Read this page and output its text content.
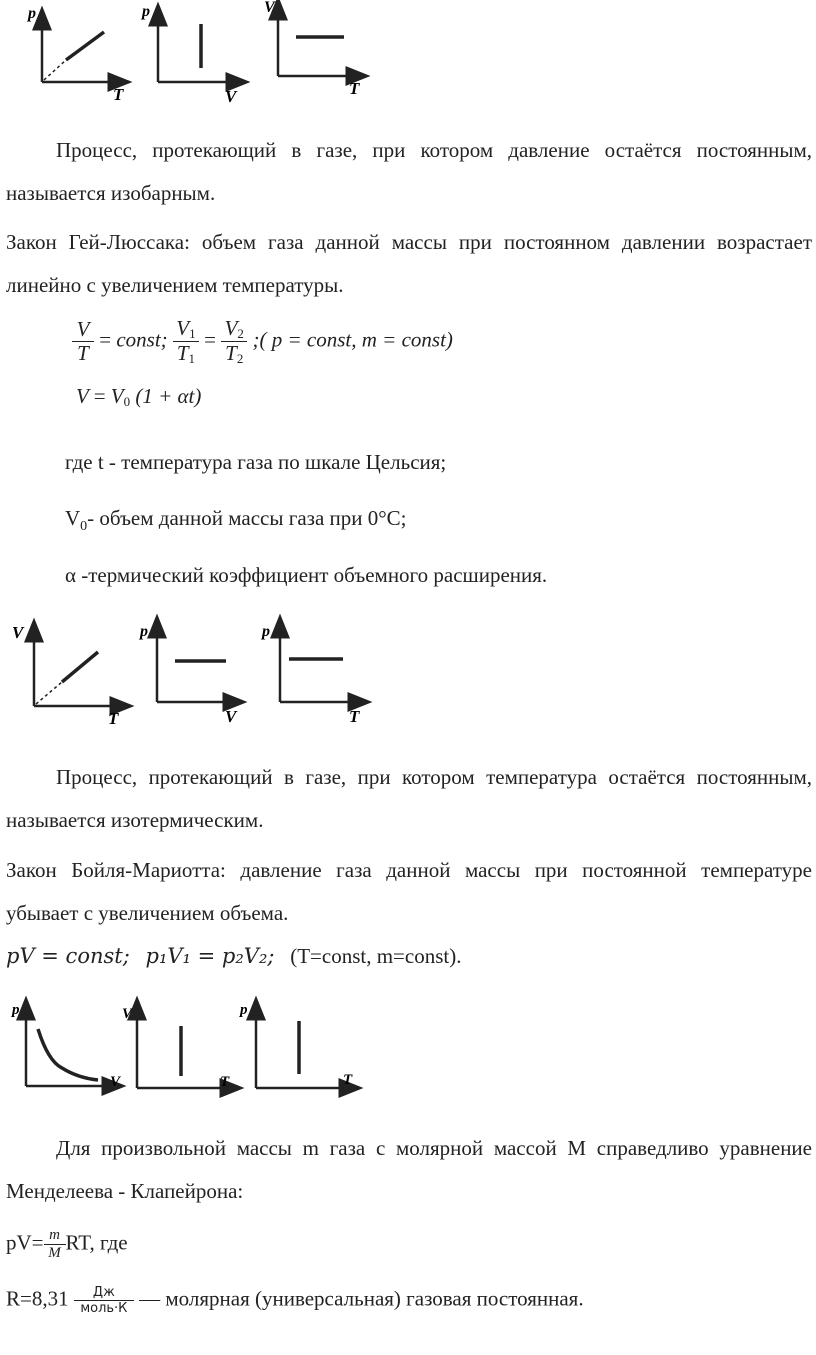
p
T
p
V
V
T

Процесс, протекающий в газе, при котором давление остаётся постоянным, называется изобарным.

Закон Гей-Люссака: объем газа данной массы при постоянном давлении возрастает линейно с увеличением температуры.

$\frac{V}{T}$ = const; $\frac{V_1}{T_1} = \frac{V_2}{T_2}$ ;( p = const, m = const)
$V = V_0$ (1 + αt)

где t - температура газа по шкале Цельсия;

$V_0-$ объем данной массы газа при 0°С;

α -термический коэффициент объемного расширения.

V
T
p
V
p
T

Процесс, протекающий в газе, при котором температура остаётся постоянным, называется изотермическим.

Закон Бойля-Мариотта: давление газа данной массы при постоянной температуре убывает с увеличением объема.

pV = const; p₁V₁ = p₂V₂; (T=const, m=const).
p
V
V
T
p
T

Для произвольной массы m газа с молярной массой M справедливо уравнение Менделеева - Клапейрона:

$pV= \frac{m}{M}$ RT, где
$R=8,31 \frac{Дж}{\text{моль·К}}$ — молярная (универсальная) газовая постоянная.
